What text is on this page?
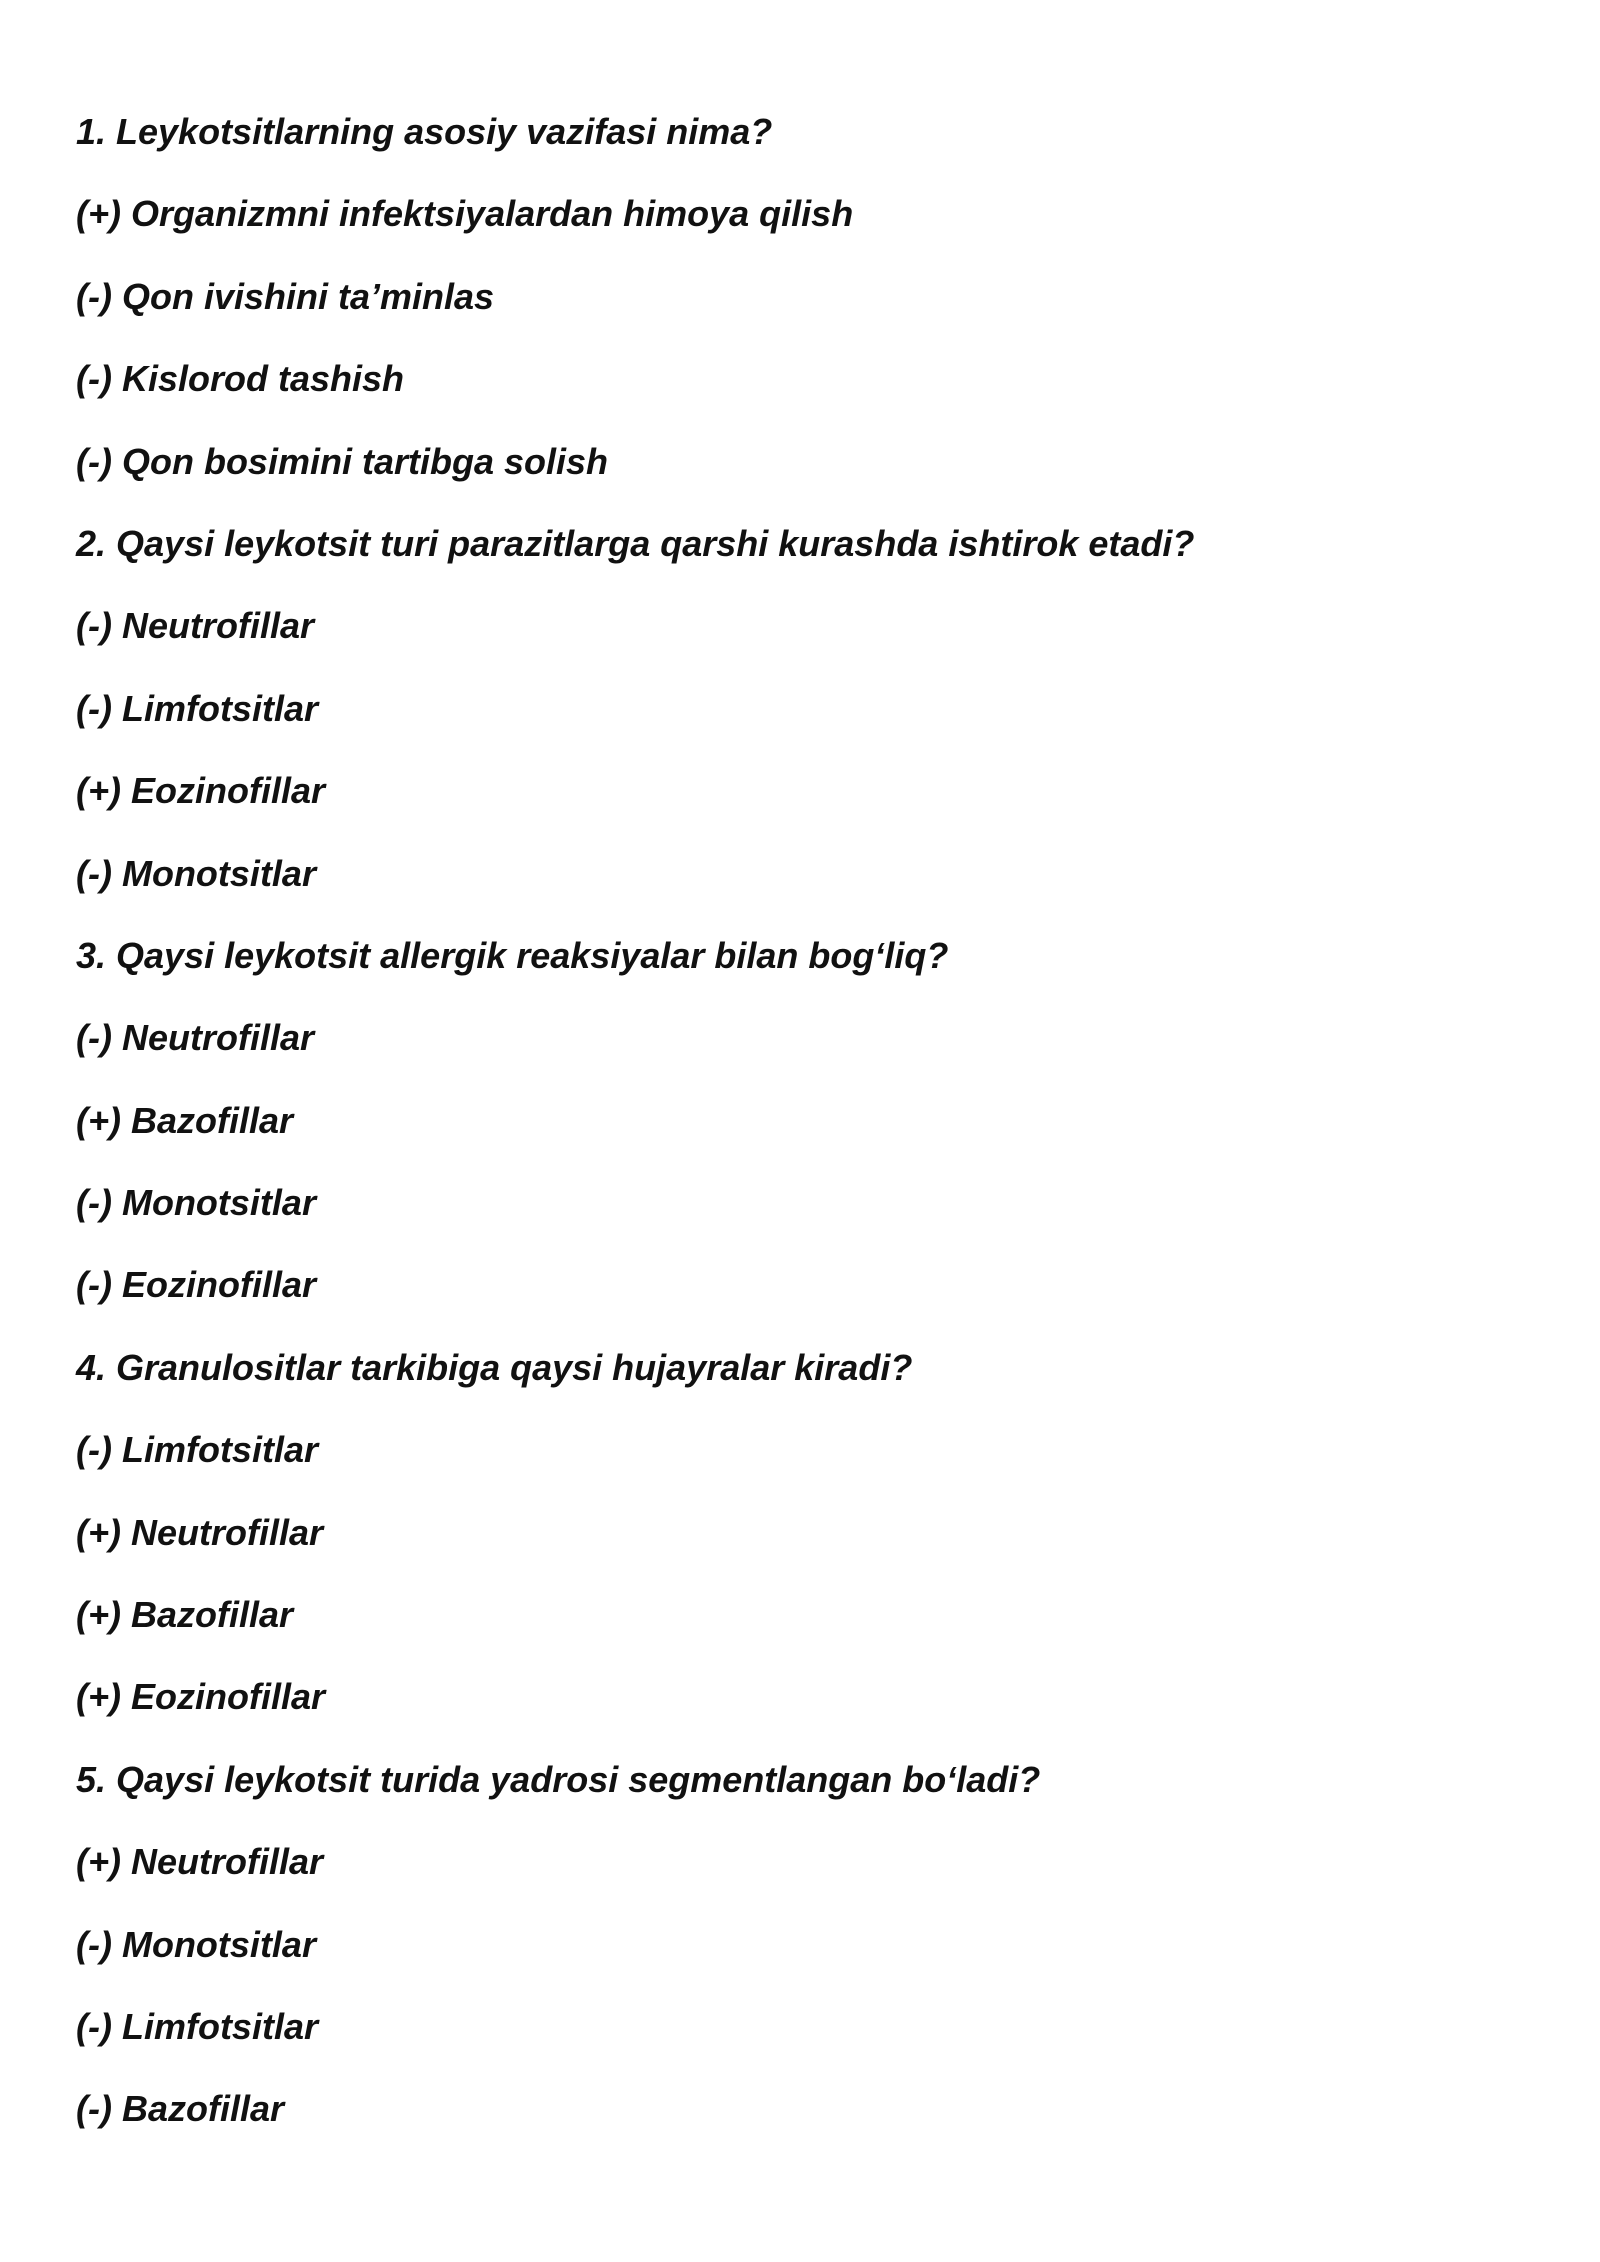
1. Leykotsitlarning asosiy vazifasi nima?
(+) Organizmni infektsiyalardan himoya qilish
(-) Qon ivishini ta’minlas
(-) Kislorod tashish
(-) Qon bosimini tartibga solish
2. Qaysi leykotsit turi parazitlarga qarshi kurashda ishtirok etadi?
(-) Neutrofillar
(-) Limfotsitlar
(+) Eozinofillar
(-) Monotsitlar
3. Qaysi leykotsit allergik reaksiyalar bilan bog‘liq?
(-) Neutrofillar
(+) Bazofillar
(-) Monotsitlar
(-) Eozinofillar
4. Granulositlar tarkibiga qaysi hujayralar kiradi?
(-) Limfotsitlar
(+) Neutrofillar
(+) Bazofillar
(+) Eozinofillar
5. Qaysi leykotsit turida yadrosi segmentlangan bo‘ladi?
(+) Neutrofillar
(-) Monotsitlar
(-) Limfotsitlar
(-) Bazofillar
